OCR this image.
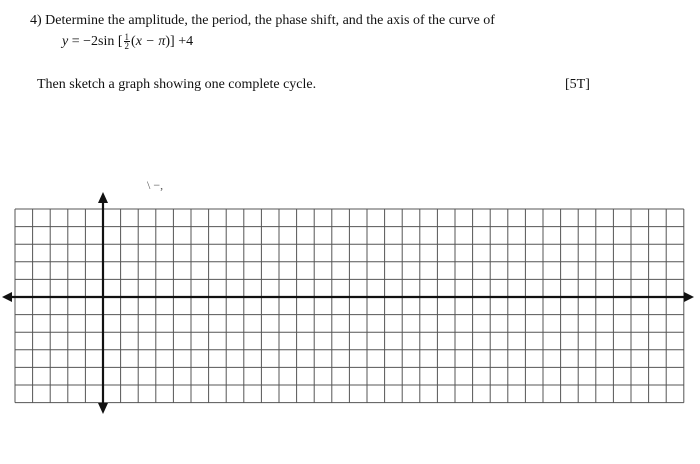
4) Determine the amplitude, the period, the phase shift, and the axis of the curve of
y = −2sin [ $\frac{1}{2} (x - \pi)] +4$
Then sketch a graph showing one complete cycle.	[5T]
\ −,
